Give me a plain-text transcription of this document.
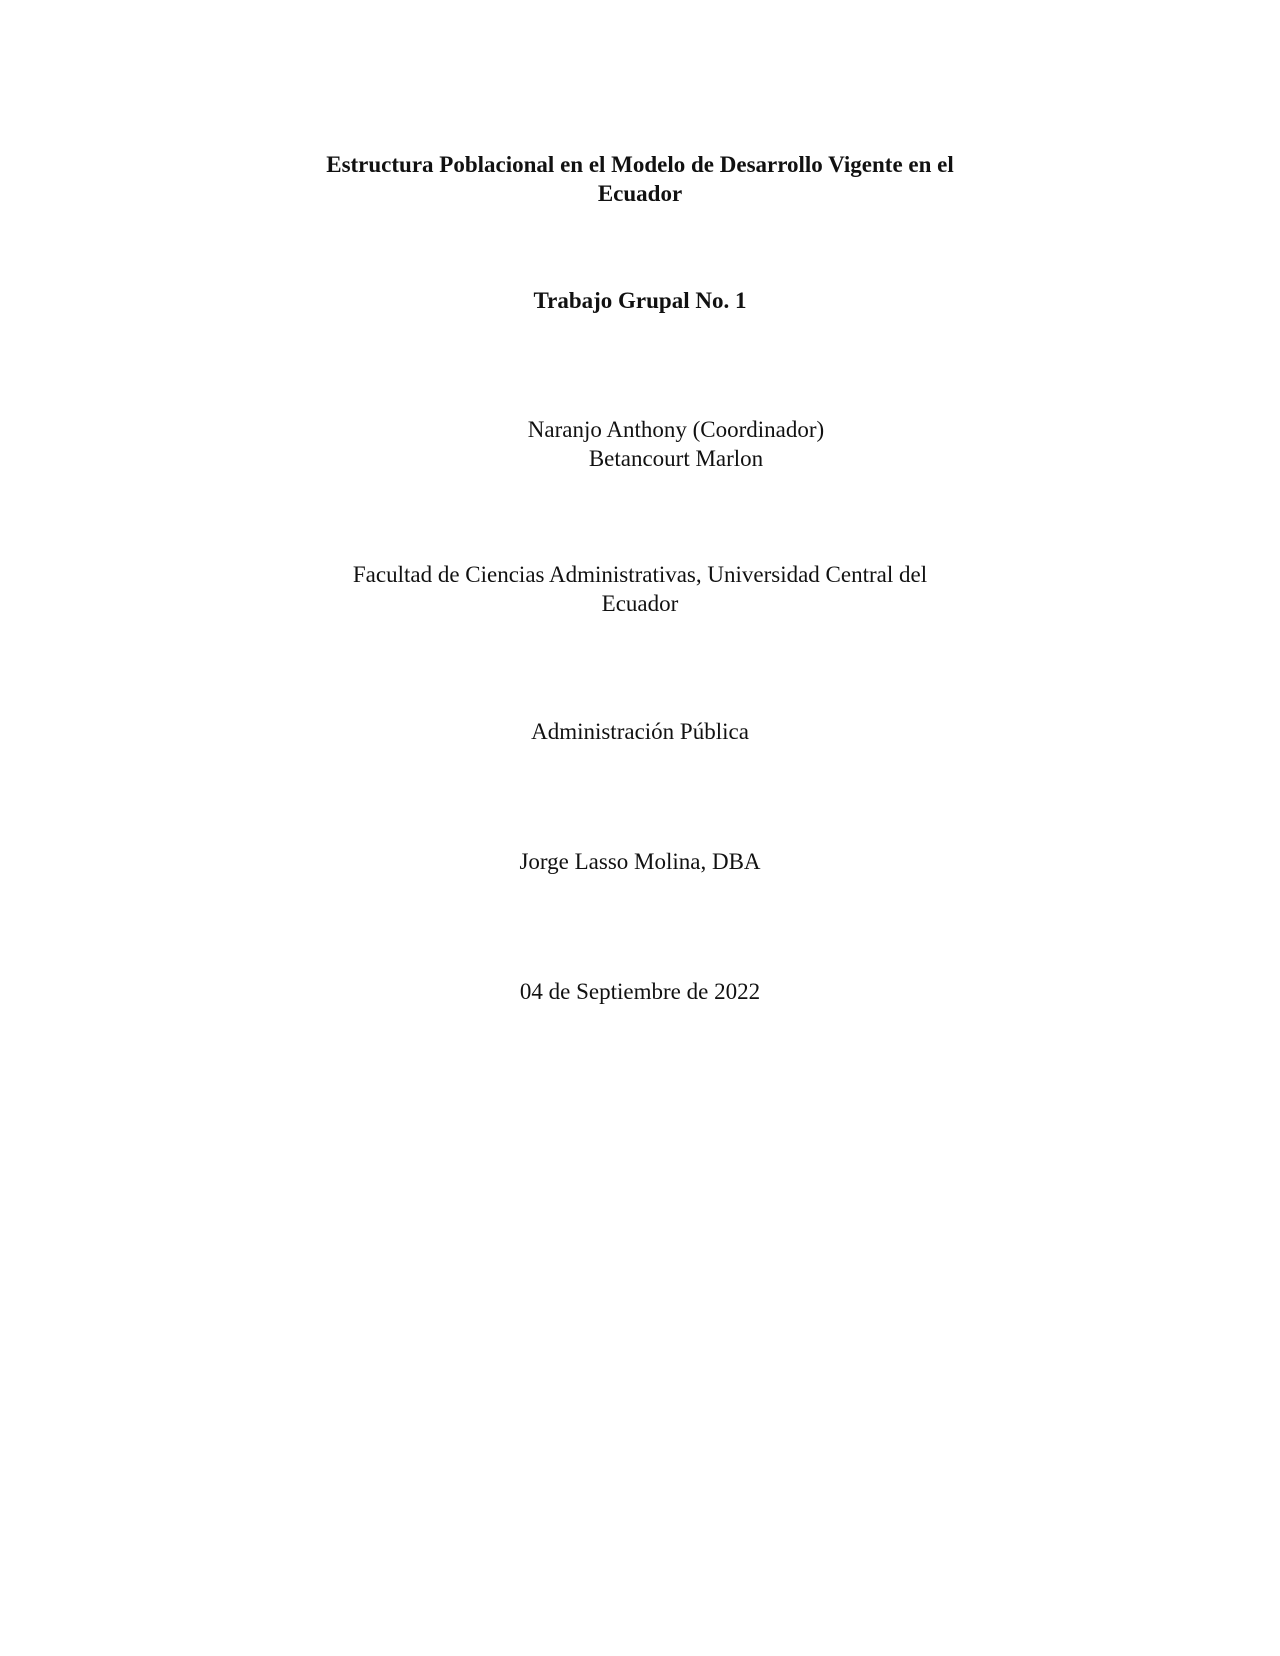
Estructura Poblacional en el Modelo de Desarrollo Vigente en el
Ecuador
Trabajo Grupal No. 1
Naranjo Anthony (Coordinador)
Betancourt Marlon
Facultad de Ciencias Administrativas, Universidad Central del
Ecuador
Administración Pública
Jorge Lasso Molina, DBA
04 de Septiembre de 2022
